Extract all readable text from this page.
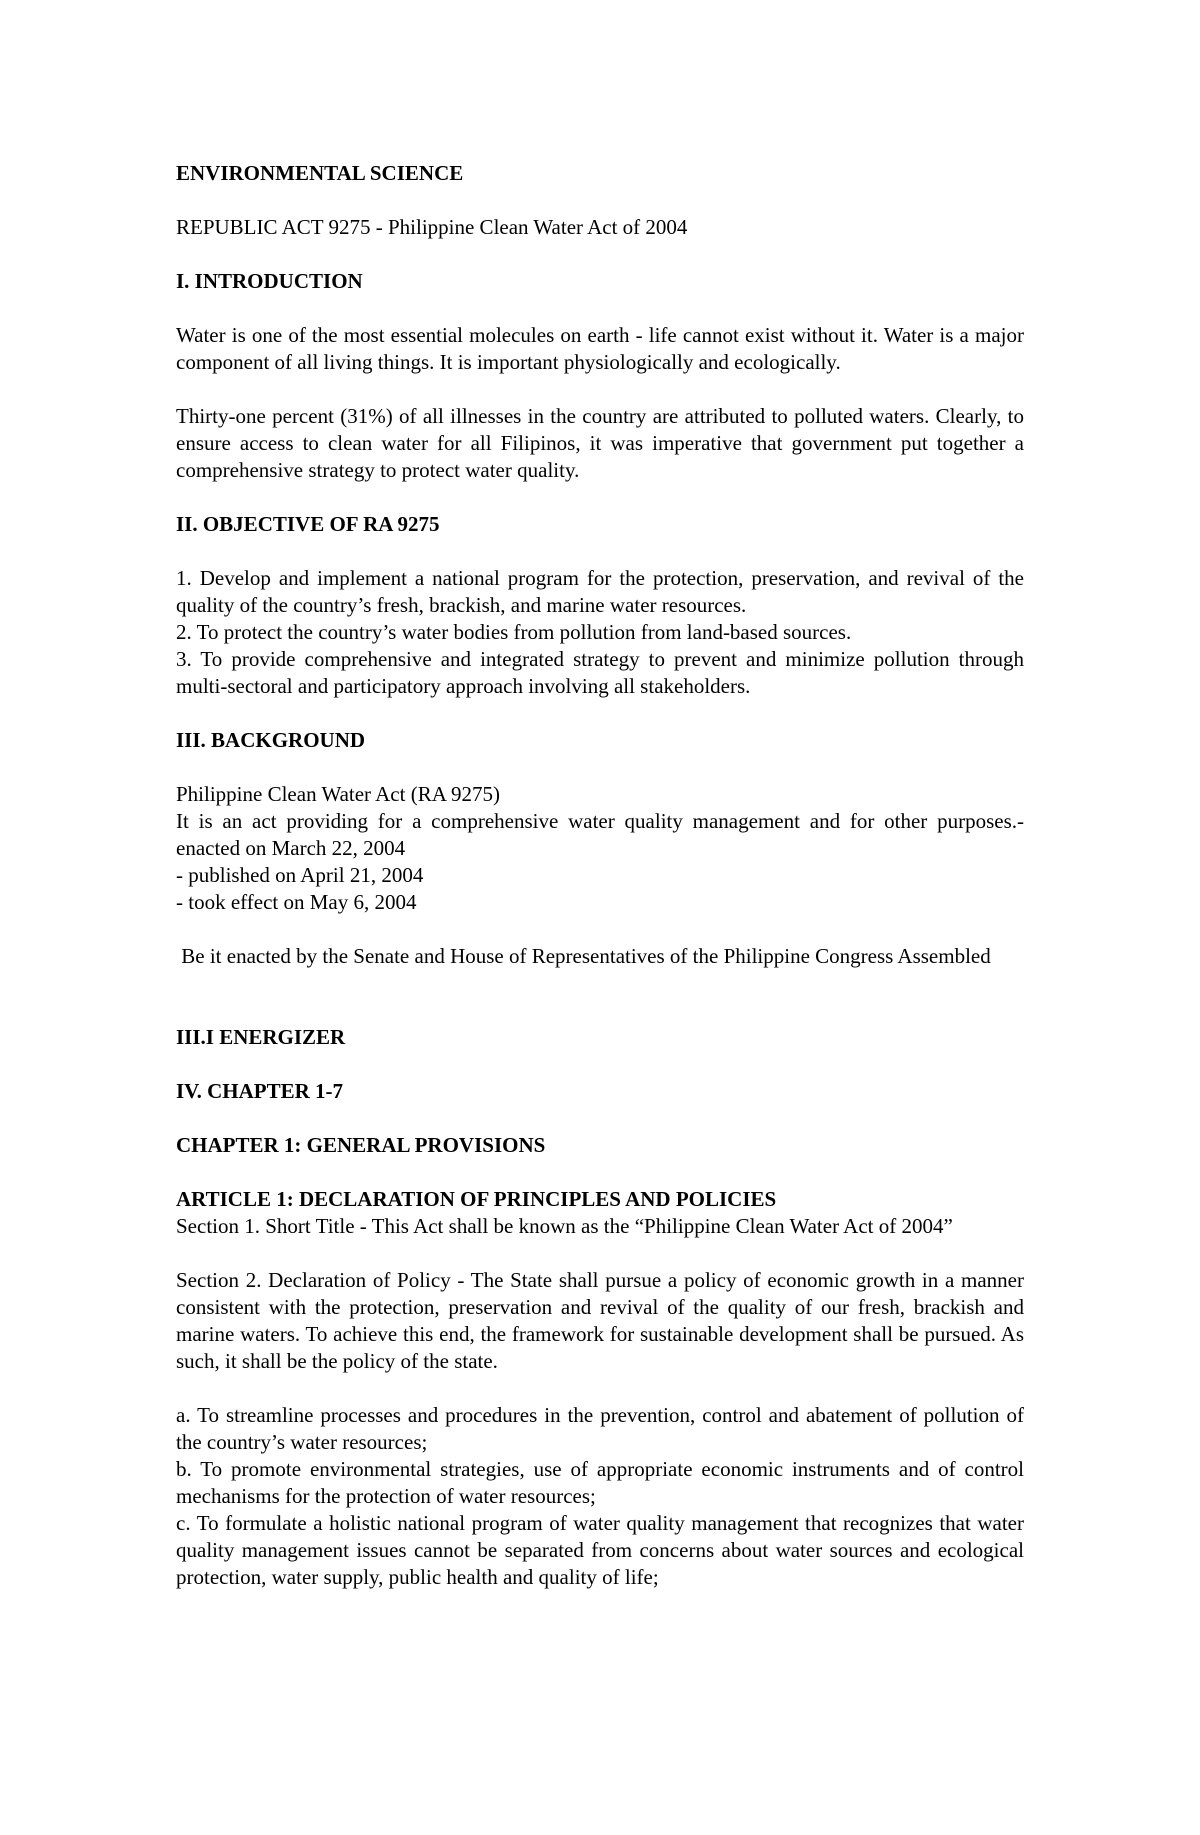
ENVIRONMENTAL SCIENCE

REPUBLIC ACT 9275 - Philippine Clean Water Act of 2004

I. INTRODUCTION

Water is one of the most essential molecules on earth - life cannot exist without it. Water is a major component of all living things. It is important physiologically and ecologically.

Thirty-one percent (31%) of all illnesses in the country are attributed to polluted waters. Clearly, to ensure access to clean water for all Filipinos, it was imperative that government put together a comprehensive strategy to protect water quality.

II. OBJECTIVE OF RA 9275

1. Develop and implement a national program for the protection, preservation, and revival of the quality of the country’s fresh, brackish, and marine water resources.

2. To protect the country’s water bodies from pollution from land-based sources.

3. To provide comprehensive and integrated strategy to prevent and minimize pollution through multi-sectoral and participatory approach involving all stakeholders.

III. BACKGROUND

Philippine Clean Water Act (RA 9275)

It is an act providing for a comprehensive water quality management and for other purposes.- enacted on March 22, 2004

- published on April 21, 2004

- took effect on May 6, 2004

Be it enacted by the Senate and House of Representatives of the Philippine Congress Assembled

III.I ENERGIZER

IV. CHAPTER 1-7

CHAPTER 1: GENERAL PROVISIONS

ARTICLE 1: DECLARATION OF PRINCIPLES AND POLICIES

Section 1. Short Title - This Act shall be known as the “Philippine Clean Water Act of 2004”

Section 2. Declaration of Policy - The State shall pursue a policy of economic growth in a manner consistent with the protection, preservation and revival of the quality of our fresh, brackish and marine waters. To achieve this end, the framework for sustainable development shall be pursued. As such, it shall be the policy of the state.

a. To streamline processes and procedures in the prevention, control and abatement of pollution of the country’s water resources;

b. To promote environmental strategies, use of appropriate economic instruments and of control mechanisms for the protection of water resources;

c. To formulate a holistic national program of water quality management that recognizes that water quality management issues cannot be separated from concerns about water sources and ecological protection, water supply, public health and quality of life;
